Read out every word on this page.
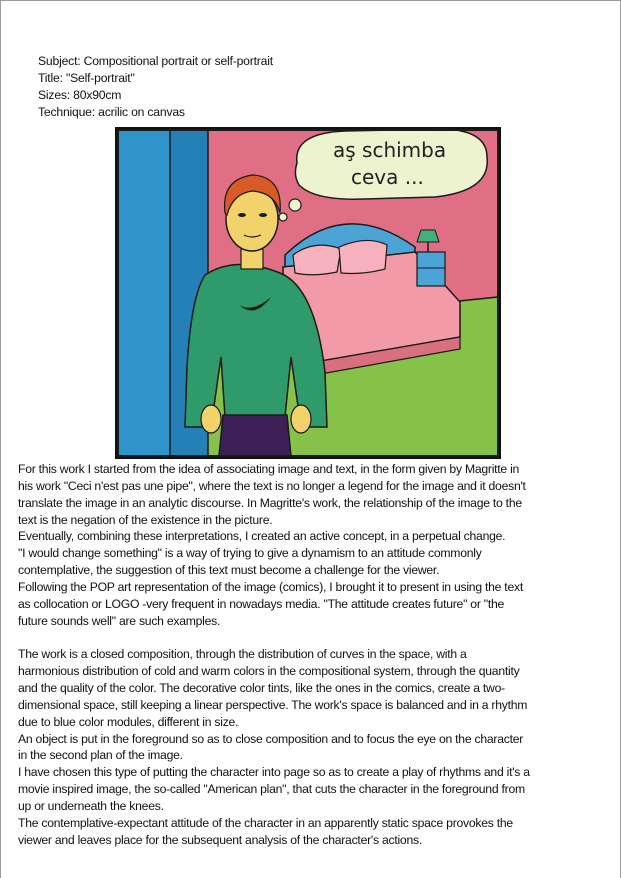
Subject: Compositional portrait or self-portrait
Title: "Self-portrait"
Sizes: 80x90cm
Technique: acrilic on canvas
aş schimba
ceva ...
For this work I started from the idea of associating image and text, in the form given by Magritte in
his work "Ceci n'est pas une pipe", where the text is no longer a legend for the image and it doesn't
translate the image in an analytic discourse. In Magritte's work, the relationship of the image to the
text is the negation of the existence in the picture.
Eventually, combining these interpretations, I created an active concept, in a perpetual change.
"I would change something" is a way of trying to give a dynamism to an attitude commonly
contemplative, the suggestion of this text must become a challenge for the viewer.
Following the POP art representation of the image (comics), I brought it to present in using the text
as collocation or LOGO -very frequent in nowadays media. "The attitude creates future" or "the
future sounds well" are such examples.
The work is a closed composition, through the distribution of curves in the space, with a
harmonious distribution of cold and warm colors in the compositional system, through the quantity
and the quality of the color. The decorative color tints, like the ones in the comics, create a two-
dimensional space, still keeping a linear perspective. The work's space is balanced and in a rhythm
due to blue color modules, different in size.
An object is put in the foreground so as to close composition and to focus the eye on the character
in the second plan of the image.
I have chosen this type of putting the character into page so as to create a play of rhythms and it's a
movie inspired image, the so-called "American plan", that cuts the character in the foreground from
up or underneath the knees.
The contemplative-expectant attitude of the character in an apparently static space provokes the
viewer and leaves place for the subsequent analysis of the character's actions.
